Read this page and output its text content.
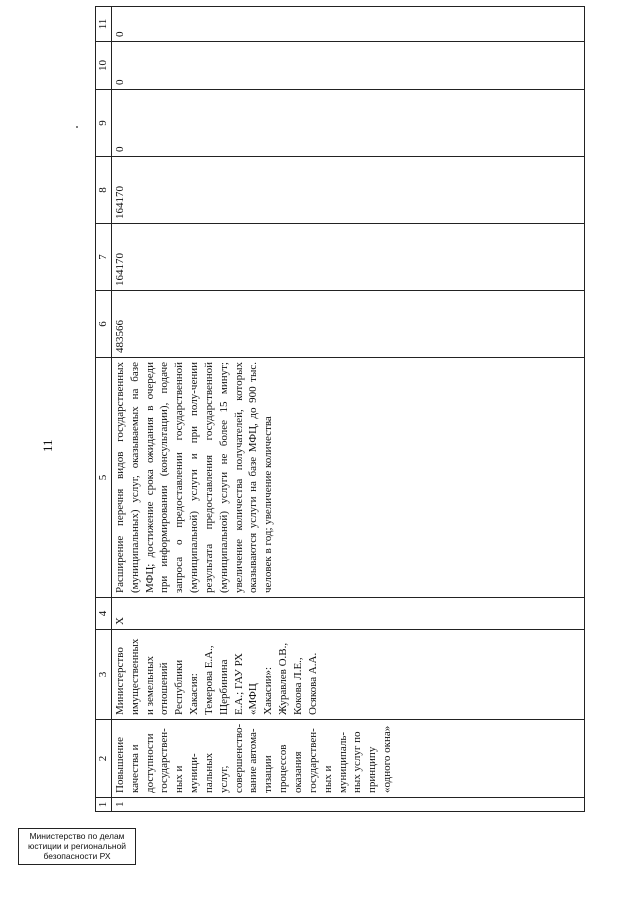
11
1	2	3	4	5	6	7	8	9	10	11
1	Повышение качества и доступности государствен-ных и муници-пальных услуг, совершенство-вание автома-тизации процессов оказания государствен-ных и муниципаль-ных услуг по принципу «одного окна»	Министерство имущественных и земельных отношений Республики Хакасия: Темерова Е.А., Щербинина Е.А.; ГАУ РХ «МФЦ Хакасии»: Журавлев О.В., Кокова Л.Е., Осякова А.А.	X	Расширение перечня видов государственных (муниципальных) услуг, оказываемых на базе МФЦ; достижение срока ожидания в очереди при информировании (консультации), подаче запроса о предоставлении государственной (муниципальной) услуги и при полу-чении результата предоставления государственной (муниципальной) услуги не более 15 минут; увеличение количества получателей, которых оказываются услуги на базе МФЦ, до 900 тыс. человек в год; увеличение количества	483566	164170	164170	0	0	0
Министерство по делам
юстиции и региональной
безопасности РХ
